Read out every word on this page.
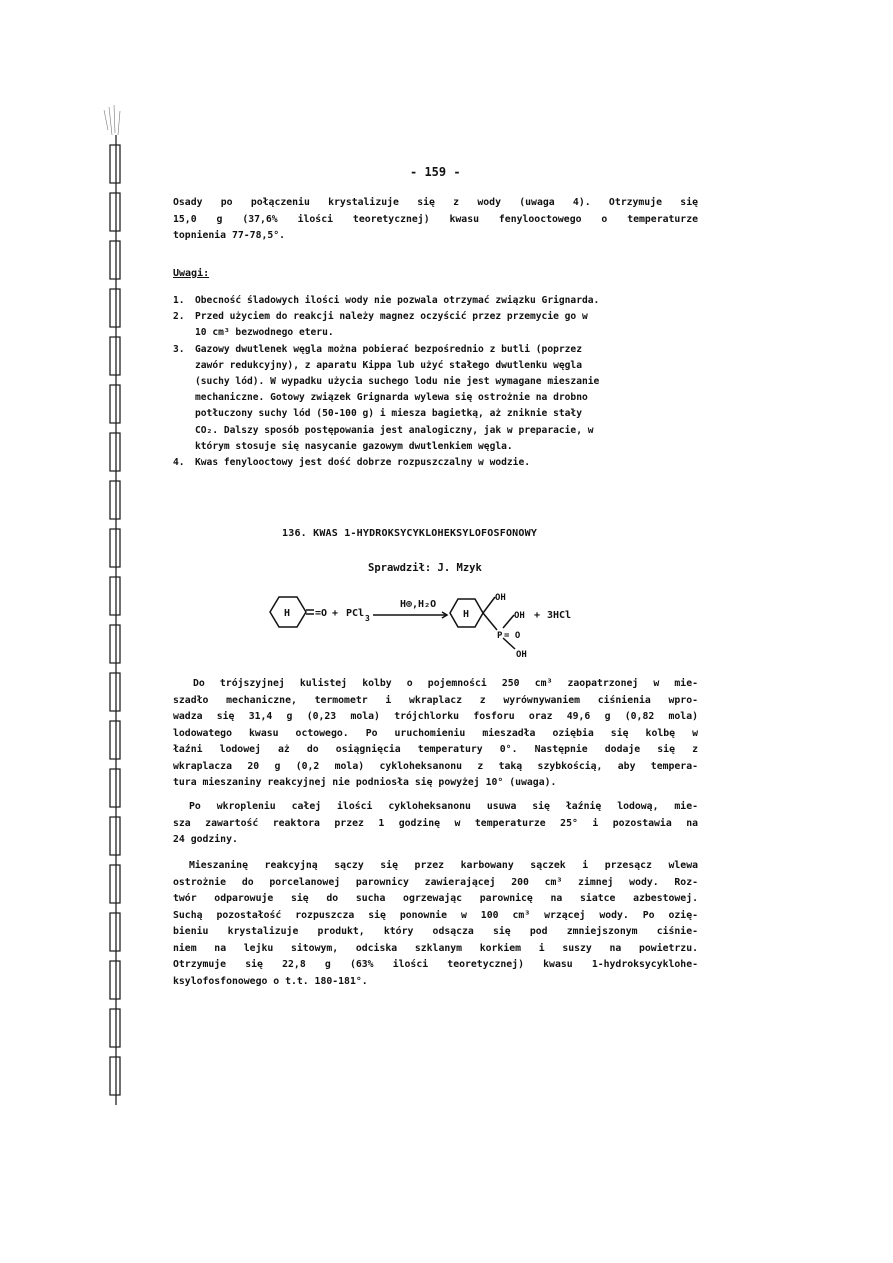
- 159 -
Osady po połączeniu krystalizuje się z wody (uwaga 4). Otrzymuje się
15,0 g (37,6% ilości teoretycznej) kwasu fenylooctowego o temperaturze
topnienia 77-78,5°.
Uwagi:
1. Obecność śladowych ilości wody nie pozwala otrzymać związku Grignarda.
2. Przed użyciem do reakcji należy magnez oczyścić przez przemycie go w
10 cm³ bezwodnego eteru.
3. Gazowy dwutlenek węgla można pobierać bezpośrednio z butli (poprzez
zawór redukcyjny), z aparatu Kippa lub użyć stałego dwutlenku węgla
(suchy lód). W wypadku użycia suchego lodu nie jest wymagane mieszanie
mechaniczne. Gotowy związek Grignarda wylewa się ostrożnie na drobno
potłuczony suchy lód (50-100 g) i miesza bagietką, aż zniknie stały
CO₂. Dalszy sposób postępowania jest analogiczny, jak w preparacie, w
którym stosuje się nasycanie gazowym dwutlenkiem węgla.
4. Kwas fenylooctowy jest dość dobrze rozpuszczalny w wodzie.
136. KWAS 1-HYDROKSYCYKLOHEKSYLOFOSFONOWY
Sprawdził: J. Mzyk
H =O + PCl 3
H⊕,H₂O
H
OH
OH + 3HCl
P = O
OH
Do trójszyjnej kulistej kolby o pojemności 250 cm³ zaopatrzonej w mie-
szadło mechaniczne, termometr i wkraplacz z wyrównywaniem ciśnienia wpro-
wadza się 31,4 g (0,23 mola) trójchlorku fosforu oraz 49,6 g (0,82 mola)
lodowatego kwasu octowego. Po uruchomieniu mieszadła oziębia się kolbę w
łaźni lodowej aż do osiągnięcia temperatury 0°. Następnie dodaje się z
wkraplacza 20 g (0,2 mola) cykloheksanonu z taką szybkością, aby tempera-
tura mieszaniny reakcyjnej nie podniosła się powyżej 10° (uwaga).
Po wkropleniu całej ilości cykloheksanonu usuwa się łaźnię lodową, mie-
sza zawartość reaktora przez 1 godzinę w temperaturze 25° i pozostawia na
24 godziny.
Mieszaninę reakcyjną sączy się przez karbowany sączek i przesącz wlewa
ostrożnie do porcelanowej parownicy zawierającej 200 cm³ zimnej wody. Roz-
twór odparowuje się do sucha ogrzewając parownicę na siatce azbestowej.
Suchą pozostałość rozpuszcza się ponownie w 100 cm³ wrzącej wody. Po ozię-
bieniu krystalizuje produkt, który odsącza się pod zmniejszonym ciśnie-
niem na lejku sitowym, odciska szklanym korkiem i suszy na powietrzu.
Otrzymuje się 22,8 g (63% ilości teoretycznej) kwasu 1-hydroksycyklohe-
ksylofosfonowego o t.t. 180-181°.
